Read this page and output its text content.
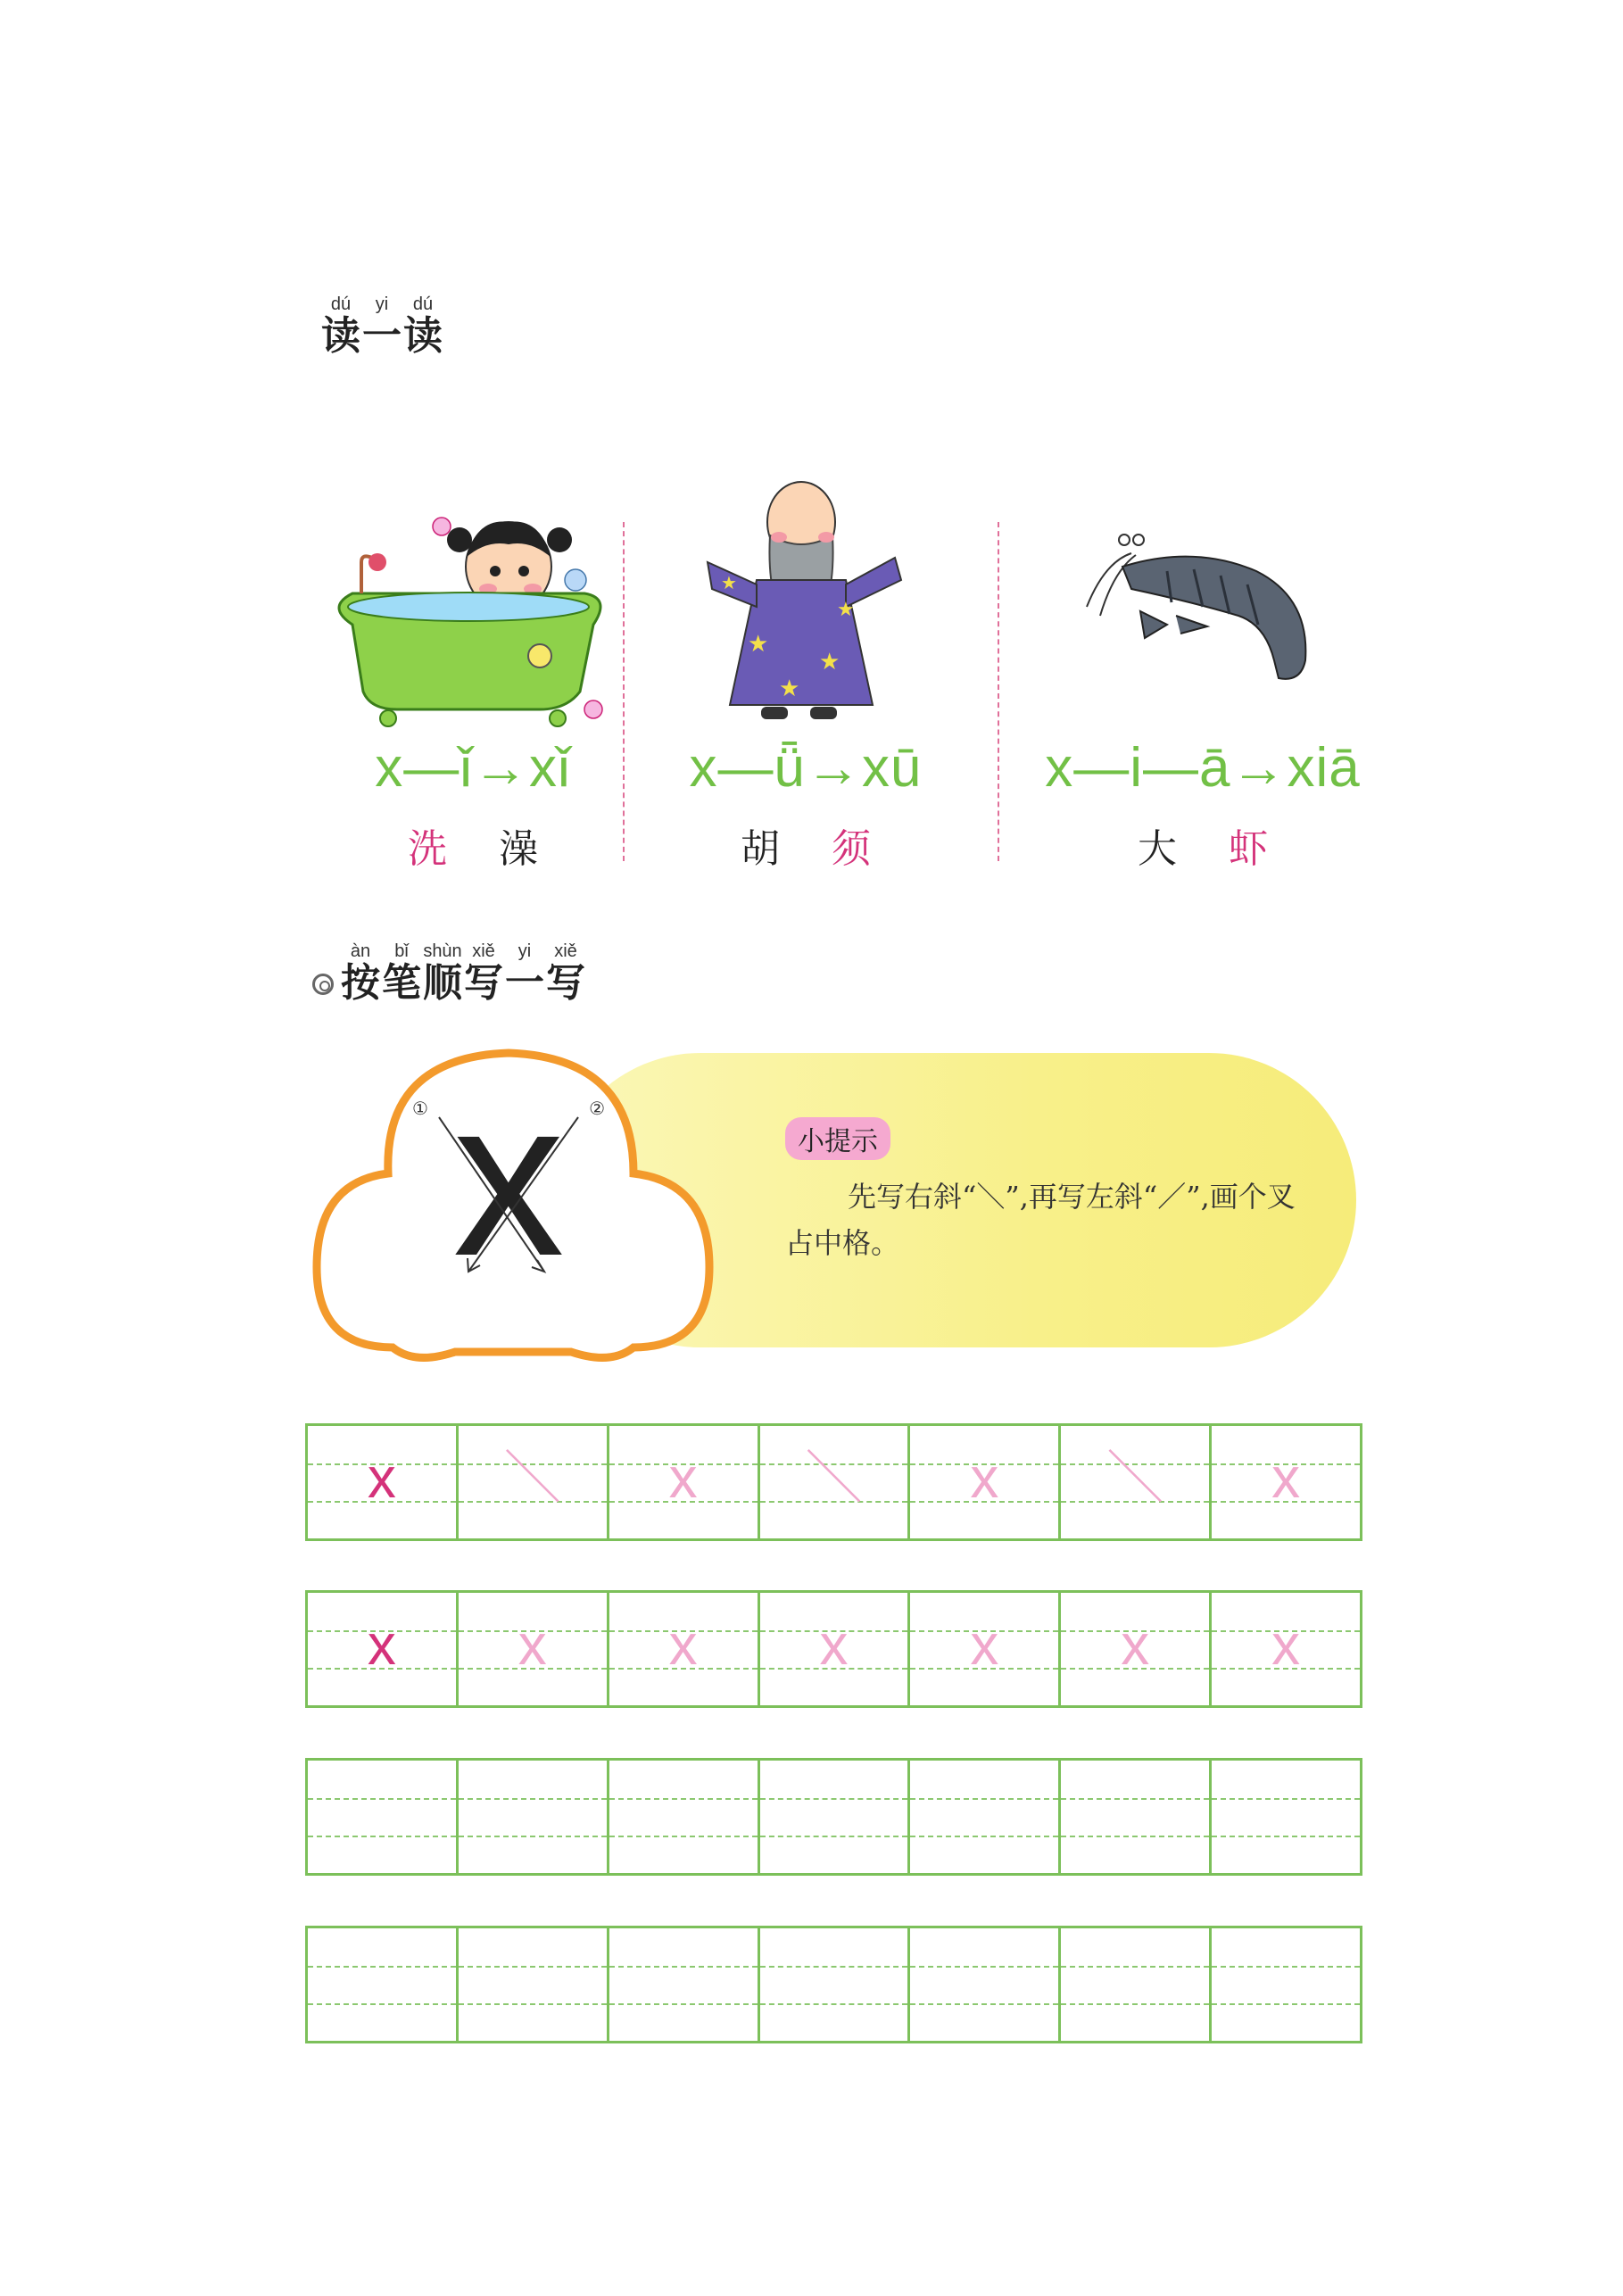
dú
读
yi
一
dú
读
x—ǐ→xǐ
洗 澡
★
★
★
★
★
x—ǖ→xū
胡 须
x—i—ā→xiā
大 虾
àn
按
bǐ
笔
shùn
顺
xiě
写
yi
一
xiě
写
x
①	②
小提示
先写右斜“＼”,再写左斜“／”,画个叉占中格。
x	＼	x	＼	x	＼	x
x	x	x	x	x	x	x
